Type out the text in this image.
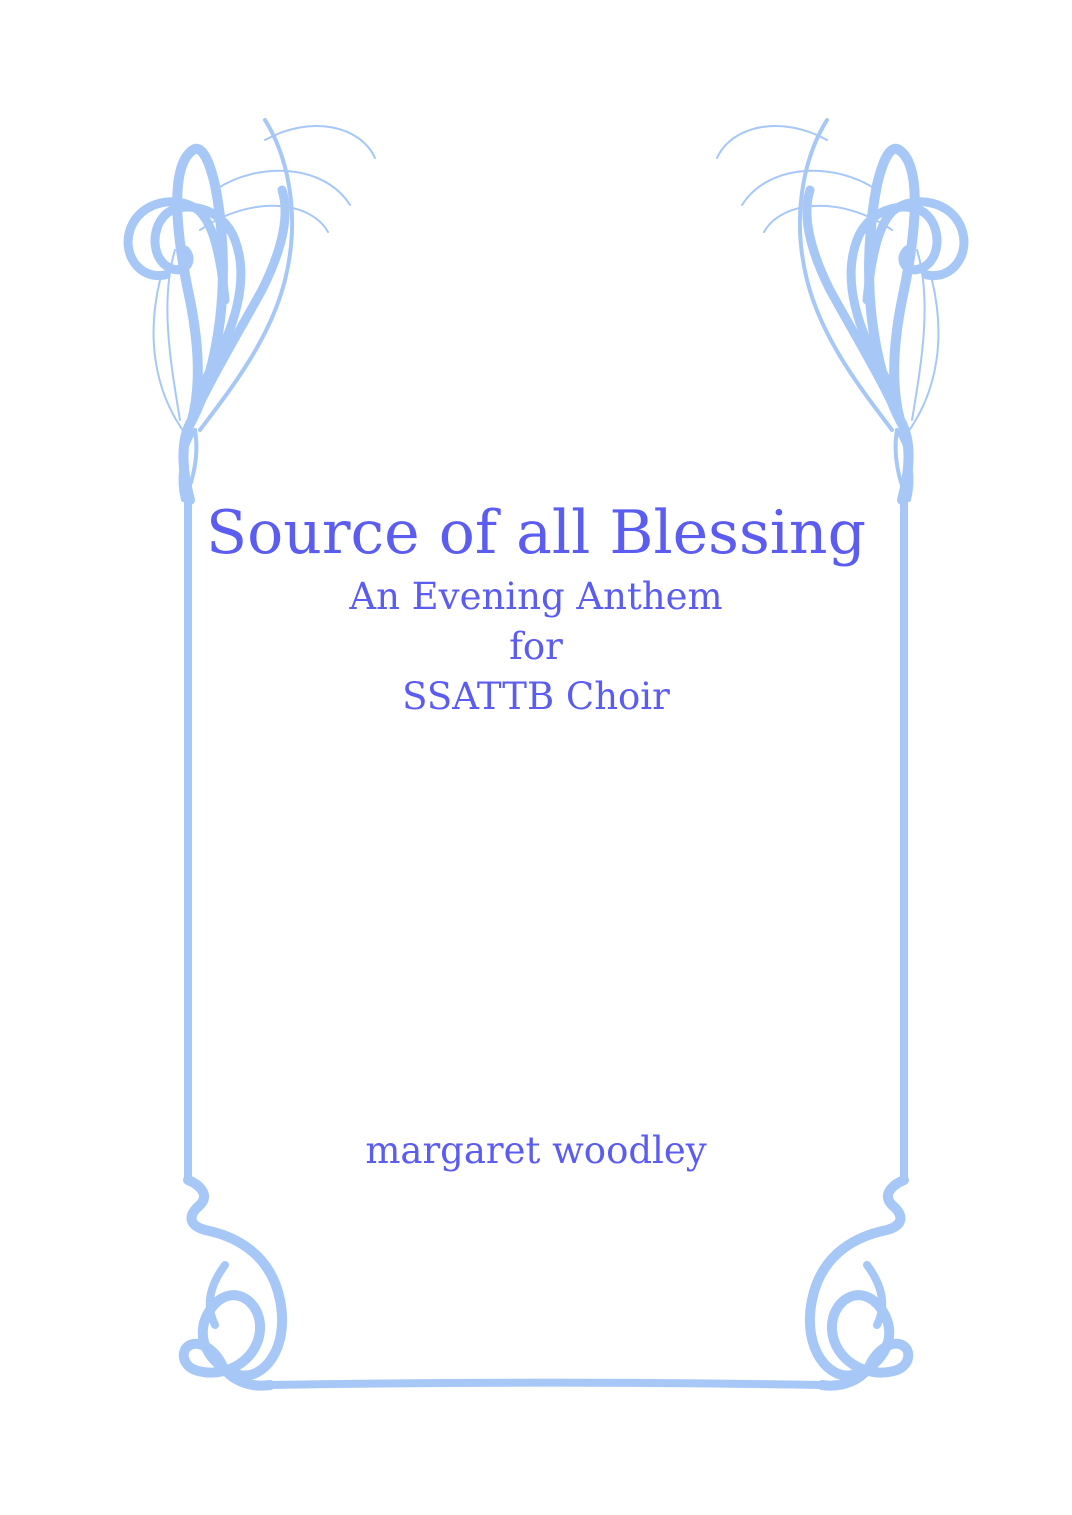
Source of all Blessing
An Evening Anthem
for
SSATTB Choir
margaret woodley
